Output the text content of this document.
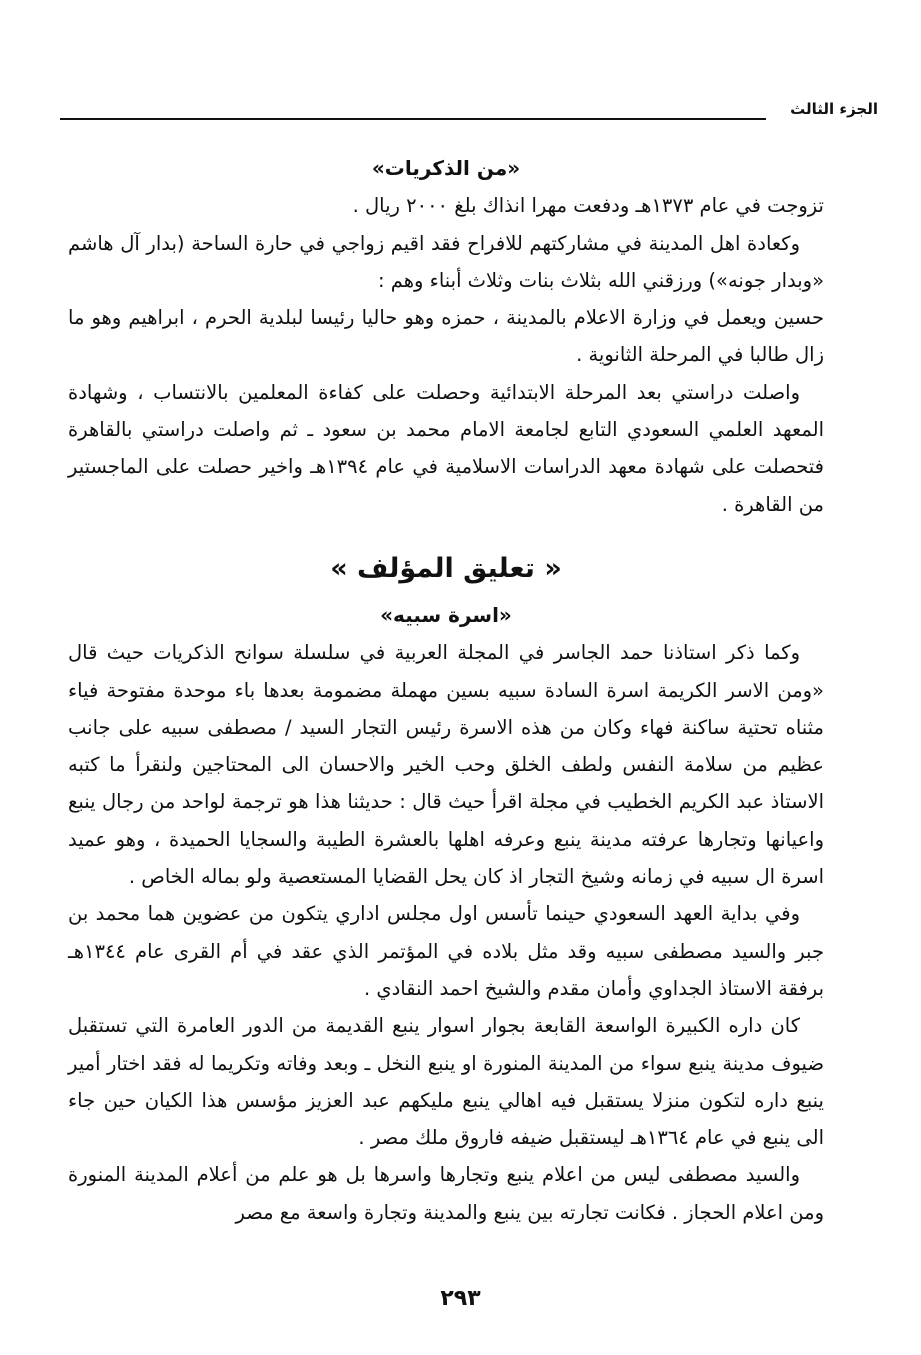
الجزء الثالث
«من الذكريات»

تزوجت في عام ١٣٧٣هـ ودفعت مهرا انذاك بلغ ٢٠٠٠ ريال .

وكعادة اهل المدينة في مشاركتهم للافراح فقد اقيم زواجي في حارة الساحة (بدار آل هاشم «وبدار جونه») ورزقني الله بثلاث بنات وثلاث أبناء وهم :

حسين ويعمل في وزارة الاعلام بالمدينة ، حمزه وهو حاليا رئيسا لبلدية الحرم ، ابراهيم وهو ما زال طالبا في المرحلة الثانوية .

واصلت دراستي بعد المرحلة الابتدائية وحصلت على كفاءة المعلمين بالانتساب ، وشهادة المعهد العلمي السعودي التابع لجامعة الامام محمد بن سعود ـ ثم واصلت دراستي بالقاهرة فتحصلت على شهادة معهد الدراسات الاسلامية في عام ١٣٩٤هـ واخير حصلت على الماجستير من القاهرة .

« تعليق المؤلف »
«اسرة سبيه»

وكما ذكر استاذنا حمد الجاسر في المجلة العربية في سلسلة سوانح الذكريات حيث قال «ومن الاسر الكريمة اسرة السادة سبيه بسين مهملة مضمومة بعدها باء موحدة مفتوحة فياء مثناه تحتية ساكنة فهاء وكان من هذه الاسرة رئيس التجار السيد / مصطفى سبيه على جانب عظيم من سلامة النفس ولطف الخلق وحب الخير والاحسان الى المحتاجين ولنقرأ ما كتبه الاستاذ عبد الكريم الخطيب في مجلة اقرأ حيث قال : حديثنا هذا هو ترجمة لواحد من رجال ينبع واعيانها وتجارها عرفته مدينة ينبع وعرفه اهلها بالعشرة الطيبة والسجايا الحميدة ، وهو عميد اسرة ال سبيه في زمانه وشيخ التجار اذ كان يحل القضايا المستعصية ولو بماله الخاص .

وفي بداية العهد السعودي حينما تأسس اول مجلس اداري يتكون من عضوين هما محمد بن جبر والسيد مصطفى سبيه وقد مثل بلاده في المؤتمر الذي عقد في أم القرى عام ١٣٤٤هـ برفقة الاستاذ الجداوي وأمان مقدم والشيخ احمد النقادي .

كان داره الكبيرة الواسعة القابعة بجوار اسوار ينبع القديمة من الدور العامرة التي تستقبل ضيوف مدينة ينبع سواء من المدينة المنورة او ينبع النخل ـ وبعد وفاته وتكريما له فقد اختار أمير ينبع داره لتكون منزلا يستقبل فيه اهالي ينبع مليكهم عبد العزيز مؤسس هذا الكيان حين جاء الى ينبع في عام ١٣٦٤هـ ليستقبل ضيفه فاروق ملك مصر .

والسيد مصطفى ليس من اعلام ينبع وتجارها واسرها بل هو علم من أعلام المدينة المنورة ومن اعلام الحجاز . فكانت تجارته بين ينبع والمدينة وتجارة واسعة مع مصر

٢٩٣
